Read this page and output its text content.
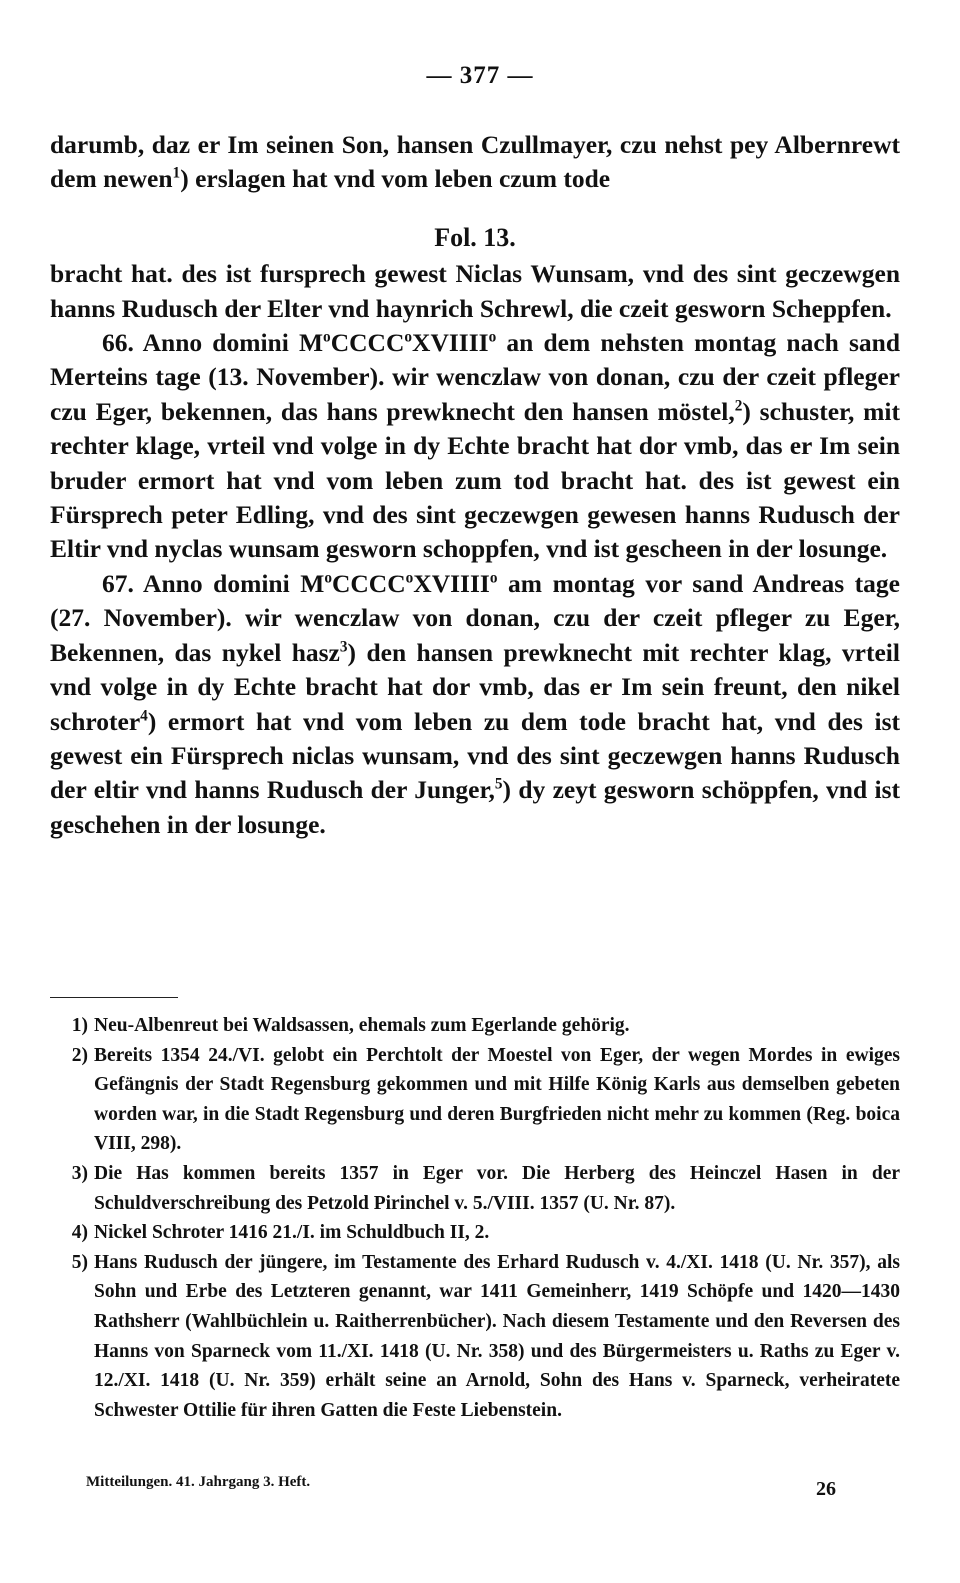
— 377 —

darumb, daz er Im seinen Son, hansen Czullmayer, czu nehst pey Albernrewt dem newen$^1$) erslagen hat vnd vom leben czum tode

Fol. 13.

bracht hat. des ist fursprech gewest Niclas Wunsam, vnd des sint geczewgen hanns Rudusch der Elter vnd haynrich Schrewl, die czeit gesworn Scheppfen.

66. Anno domini $M^oCCCC^oXVIIII^o$ an dem nehsten montag nach sand Merteins tage (13. November). wir wenczlaw von donan, czu der czeit pfleger czu Eger, bekennen, das hans prewknecht den hansen möstel,$^2$) schuster, mit rechter klage, vrteil vnd volge in dy Echte bracht hat dor vmb, das er Im sein bruder ermort hat vnd vom leben zum tod bracht hat. des ist gewest ein Fürsprech peter Edling, vnd des sint geczewgen gewesen hanns Rudusch der Eltir vnd nyclas wunsam gesworn schoppfen, vnd ist gescheen in der losunge.

67. Anno domini $M^oCCCC^oXVIIII^o$ am montag vor sand Andreas tage (27. November). wir wenczlaw von donan, czu der czeit pfleger zu Eger, Bekennen, das nykel hasz$^3$) den hansen prewknecht mit rechter klag, vrteil vnd volge in dy Echte bracht hat dor vmb, das er Im sein freunt, den nikel schroter$^4$) ermort hat vnd vom leben zu dem tode bracht hat, vnd des ist gewest ein Fürsprech niclas wunsam, vnd des sint geczewgen hanns Rudusch der eltir vnd hanns Rudusch der Junger,$^5$) dy zeyt gesworn schöppfen, vnd ist geschehen in der losunge.

1) Neu-Albenreut bei Waldsassen, ehemals zum Egerlande gehörig.
2) Bereits 1354 24./VI. gelobt ein Perchtolt der Moestel von Eger, der wegen Mordes in ewiges Gefängnis der Stadt Regensburg gekommen und mit Hilfe König Karls aus demselben gebeten worden war, in die Stadt Regensburg und deren Burgfrieden nicht mehr zu kommen (Reg. boica VIII, 298).
3) Die Has kommen bereits 1357 in Eger vor. Die Herberg des Heinczel Hasen in der Schuldverschreibung des Petzold Pirinchel v. 5./VIII. 1357 (U. Nr. 87).
4) Nickel Schroter 1416 21./I. im Schuldbuch II, 2.
5) Hans Rudusch der jüngere, im Testamente des Erhard Rudusch v. 4./XI. 1418 (U. Nr. 357), als Sohn und Erbe des Letzteren genannt, war 1411 Gemeinherr, 1419 Schöpfe und 1420—1430 Rathsherr (Wahlbüchlein u. Raitherrenbücher). Nach diesem Testamente und den Reversen des Hanns von Sparneck vom 11./XI. 1418 (U. Nr. 358) und des Bürgermeisters u. Raths zu Eger v. 12./XI. 1418 (U. Nr. 359) erhält seine an Arnold, Sohn des Hans v. Sparneck, verheiratete Schwester Ottilie für ihren Gatten die Feste Liebenstein.
Mitteilungen. 41. Jahrgang 3. Heft.	26
